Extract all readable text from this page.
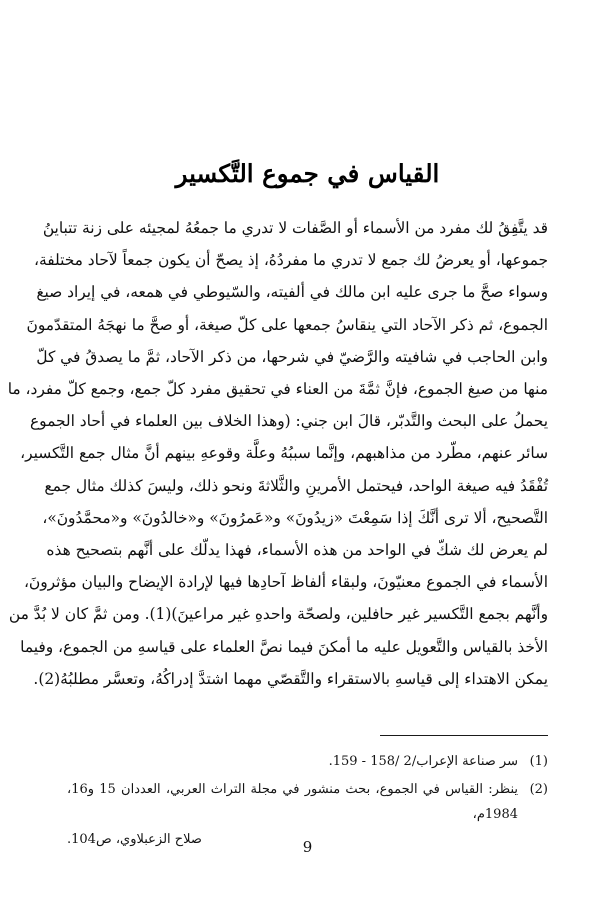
القياس في جموع التَّكسير

قد يتَّفِقُ لك مفرد من الأسماء أو الصَّفات لا تدري ما جمعُهُ لمجيئه على زنة تتباينُ
جموعها، أو يعرضُ لك جمع لا تدري ما مفردُهُ، إذ يصحّ أن يكون جمعاً لآحاد مختلفة،
وسواء صحَّ ما جرى عليه ابن مالك في ألفيته، والسّيوطي في همعه، في إيراد صيغ
الجموع، ثم ذكر الآحاد التي ينقاسُ جمعها على كلّ صيغة، أو صحَّ ما نهجَهُ المتقدّمونَ
وابن الحاجب في شافيته والرَّضيّ في شرحها، من ذكر الآحاد، ثمَّ ما يصدقُ في كلّ
منها من صيغ الجموع، فإنَّ ثمَّةَ من العناء في تحقيق مفرد كلّ جمع، وجمع كلّ مفرد، ما
يحملُ على البحث والتَّدبّر، قالَ ابن جني: (وهذا الخلاف بين العلماء في أحاد الجموع
سائر عنهم، مطّرد من مذاهبهم، وإنَّما سببُهُ وعلَّة وقوعهِ بينهم أنَّ مثال جمع التَّكسير،
تُفْقَدُ فيه صيغة الواحد، فيحتمل الأمرينِ والثَّلاثةَ ونحو ذلك، وليسَ كذلك مثال جمع
التَّصحيح، ألا ترى أنَّكَ إذا سَمِعْتَ «زيدُونَ» و«عَمرُونَ» و«خالدُونَ» و«محمَّدُونَ»،
لم يعرض لك شكّ في الواحد من هذه الأسماء، فهذا يدلّك على أنَّهم بتصحيح هذه
الأسماء في الجموع معنيّونَ، ولبقاء ألفاظ آحادِها فيها لإرادة الإيضاح والبيان مؤثرونَ،
وأنَّهم بجمع التَّكسير غير حافلين، ولصحّة واحدهِ غير مراعينَ)(1). ومن ثمَّ كان لا بُدَّ من
الأخذ بالقياس والتَّعويل عليه ما أمكنَ فيما نصَّ العلماء على قياسهِ من الجموع، وفيما
يمكن الاهتداء إلى قياسهِ بالاستقراء والتَّقصّي مهما اشتدَّ إدراكُهُ، وتعسَّر مطلبُهُ(2).

(1)
سر صناعة الإعراب/2 /158 - 159.
(2)
ينظر: القياس في الجموع، بحث منشور في مجلة التراث العربي، العددان 15 و16، 1984م،
صلاح الزعبلاوي، ص104.	9
